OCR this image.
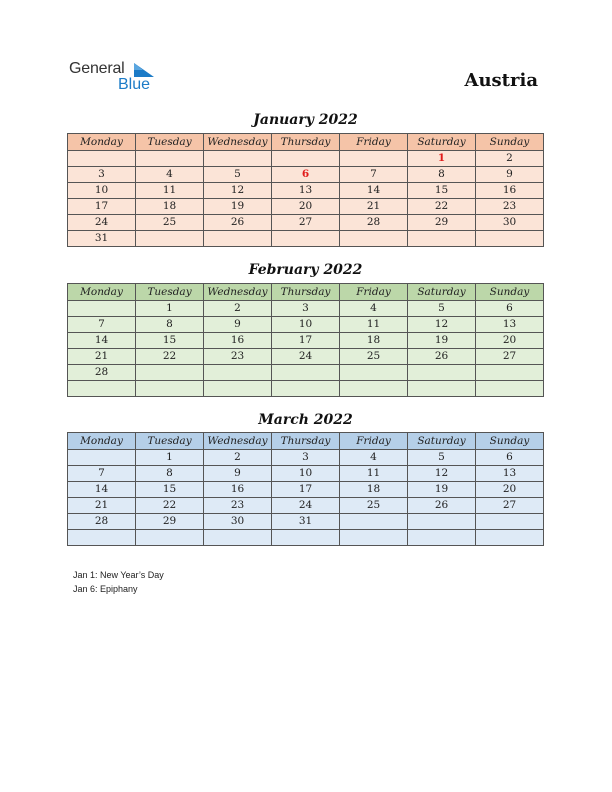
General
Blue	Austria
January 2022
Monday	Tuesday	Wednesday	Thursday	Friday	Saturday	Sunday
					1	2
3	4	5	6	7	8	9
10	11	12	13	14	15	16
17	18	19	20	21	22	23
24	25	26	27	28	29	30
31						
February 2022
Monday	Tuesday	Wednesday	Thursday	Friday	Saturday	Sunday
	1	2	3	4	5	6
7	8	9	10	11	12	13
14	15	16	17	18	19	20
21	22	23	24	25	26	27
28						

March 2022
Monday	Tuesday	Wednesday	Thursday	Friday	Saturday	Sunday
	1	2	3	4	5	6
7	8	9	10	11	12	13
14	15	16	17	18	19	20
21	22	23	24	25	26	27
28	29	30	31			

Jan 1: New Year’s Day
Jan 6: Epiphany
